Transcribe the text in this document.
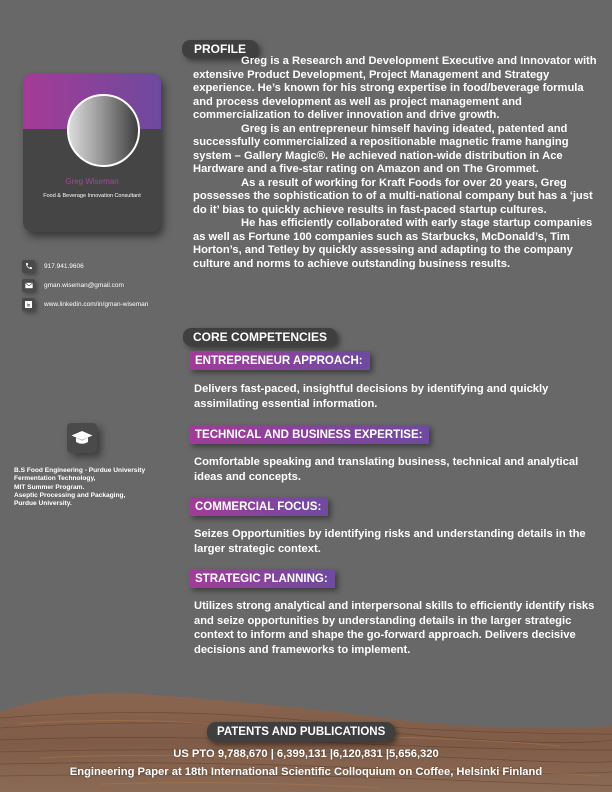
Greg Wiseman
Food & Beverage Innovation Consultant
917.941.9606
gman.wiseman@gmail.com
in www.linkedin.com/in/gman-wiseman
B.S Food Engineering - Purdue University
Fermentation Technology,
MIT Summer Program.
Aseptic Processing and Packaging,
Purdue University.
PROFILE

Greg is a Research and Development Executive and Innovator with extensive Product Development, Project Management and Strategy experience. He’s known for his strong expertise in food/beverage formula and process development as well as project management and commercialization to deliver innovation and drive growth.

Greg is an entrepreneur himself having ideated, patented and successfully commercialized a repositionable magnetic frame hanging system – Gallery Magic®. He achieved nation-wide distribution in Ace Hardware and a five-star rating on Amazon and on The Grommet.

As a result of working for Kraft Foods for over 20 years, Greg possesses the sophistication to of a multi-national company but has a ‘just do it’ bias to quickly achieve results in fast-paced startup cultures.

He has efficiently collaborated with early stage startup companies as well as Fortune 100 companies such as Starbucks, McDonald’s, Tim Horton’s, and Tetley by quickly assessing and adapting to the company culture and norms to achieve outstanding business results.

CORE COMPETENCIES
ENTREPRENEUR APPROACH:
Delivers fast-paced, insightful decisions by identifying and quickly assimilating essential information.
TECHNICAL AND BUSINESS EXPERTISE:
Comfortable speaking and translating business, technical and analytical ideas and concepts.
COMMERCIAL FOCUS:
Seizes Opportunities by identifying risks and understanding details in the larger strategic context.
STRATEGIC PLANNING:
Utilizes strong analytical and interpersonal skills to efficiently identify risks and seize opportunities by understanding details in the larger strategic context to inform and shape the go-forward approach. Delivers decisive decisions and frameworks to implement.
PATENTS AND PUBLICATIONS
US PTO 9,788,670 | 6,399,131 |6,120,831 |5,656,320
Engineering Paper at 18th International Scientific Colloquium on Coffee, Helsinki Finland
